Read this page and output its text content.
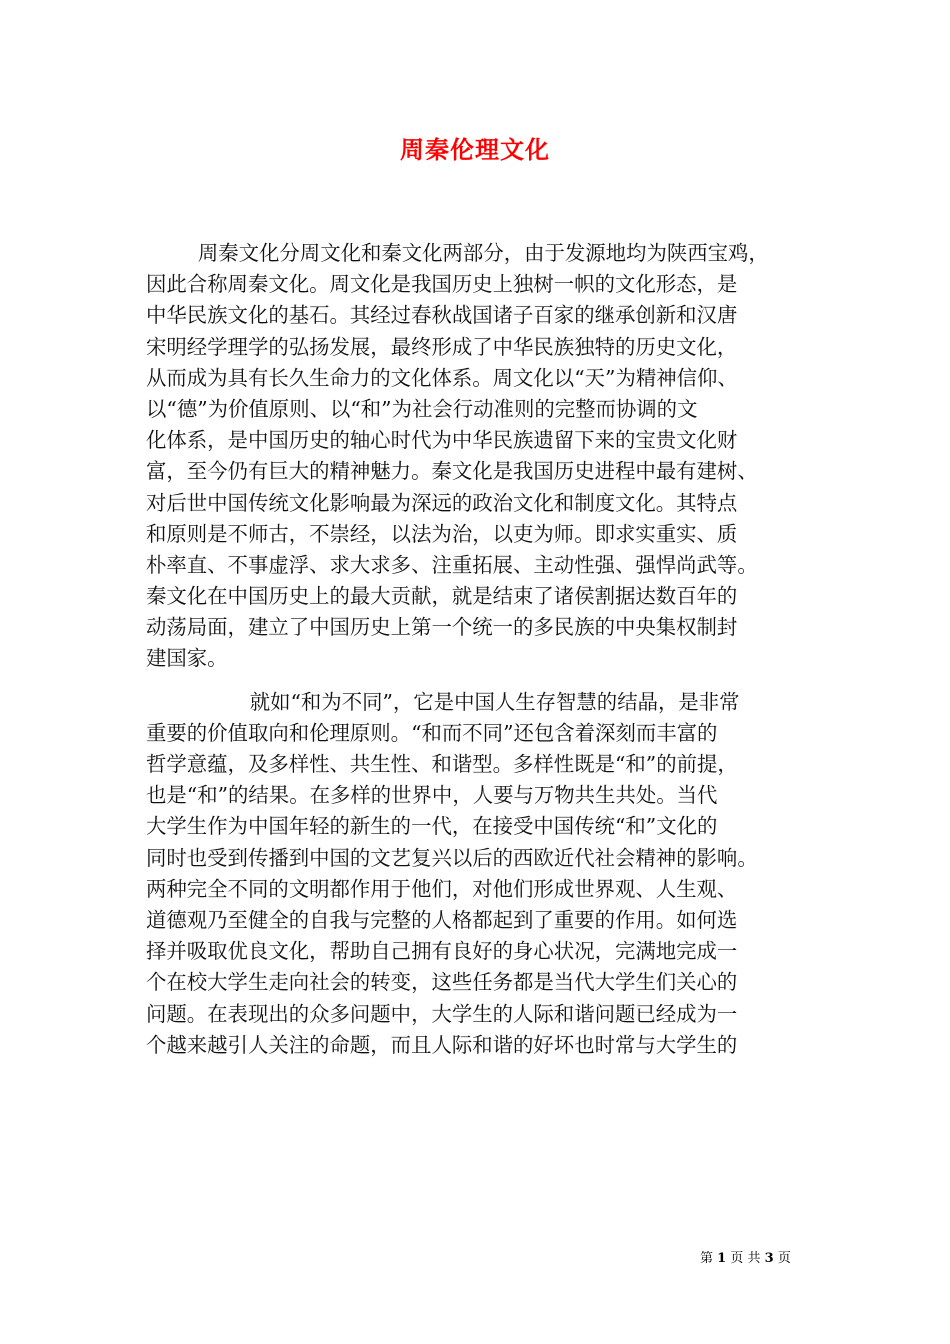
周秦伦理文化
周秦文化分周文化和秦文化两部分，由于发源地均为陕西宝鸡，
因此合称周秦文化。周文化是我国历史上独树一帜的文化形态，是
中华民族文化的基石。其经过春秋战国诸子百家的继承创新和汉唐
宋明经学理学的弘扬发展，最终形成了中华民族独特的历史文化，
从而成为具有长久生命力的文化体系。周文化以“天”为精神信仰、
以“德”为价值原则、以“和”为社会行动准则的完整而协调的文
化体系，是中国历史的轴心时代为中华民族遗留下来的宝贵文化财
富，至今仍有巨大的精神魅力。秦文化是我国历史进程中最有建树、
对后世中国传统文化影响最为深远的政治文化和制度文化。其特点
和原则是不师古，不崇经，以法为治，以吏为师。即求实重实、质
朴率直、不事虚浮、求大求多、注重拓展、主动性强、强悍尚武等。
秦文化在中国历史上的最大贡献，就是结束了诸侯割据达数百年的
动荡局面，建立了中国历史上第一个统一的多民族的中央集权制封
建国家。
就如“和为不同”，它是中国人生存智慧的结晶，是非常
重要的价值取向和伦理原则。“和而不同”还包含着深刻而丰富的
哲学意蕴，及多样性、共生性、和谐型。多样性既是“和”的前提，
也是“和”的结果。在多样的世界中，人要与万物共生共处。当代
大学生作为中国年轻的新生的一代，在接受中国传统“和”文化的
同时也受到传播到中国的文艺复兴以后的西欧近代社会精神的影响。
两种完全不同的文明都作用于他们，对他们形成世界观、人生观、
道德观乃至健全的自我与完整的人格都起到了重要的作用。如何选
择并吸取优良文化，帮助自己拥有良好的身心状况，完满地完成一
个在校大学生走向社会的转变，这些任务都是当代大学生们关心的
问题。在表现出的众多问题中，大学生的人际和谐问题已经成为一
个越来越引人关注的命题，而且人际和谐的好坏也时常与大学生的
第 1 页 共 3 页
